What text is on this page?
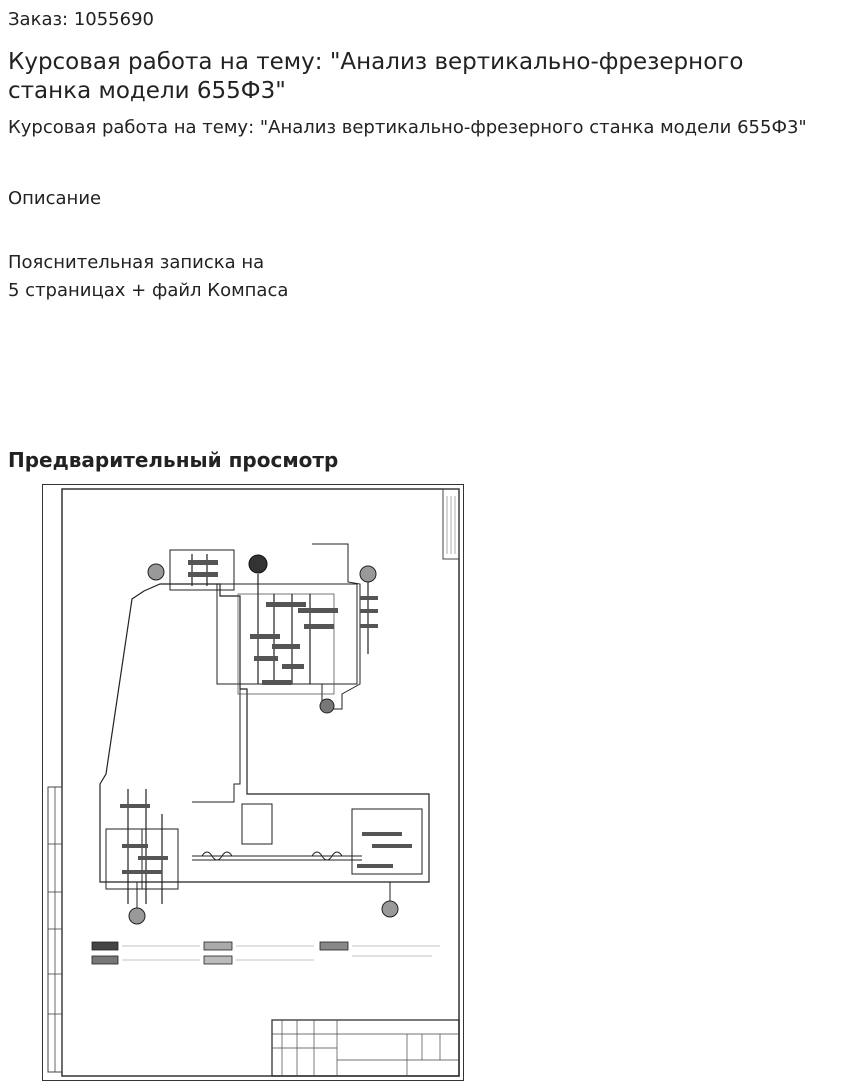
Заказ: 1055690
Курсовая работа на тему: "Анализ вертикально-фрезерного станка модели 655Ф3"

Курсовая работа на тему: "Анализ вертикально-фрезерного станка модели 655Ф3"

Описание
Пояснительная записка на
5 страницах + файл Компаса
Предварительный просмотр
